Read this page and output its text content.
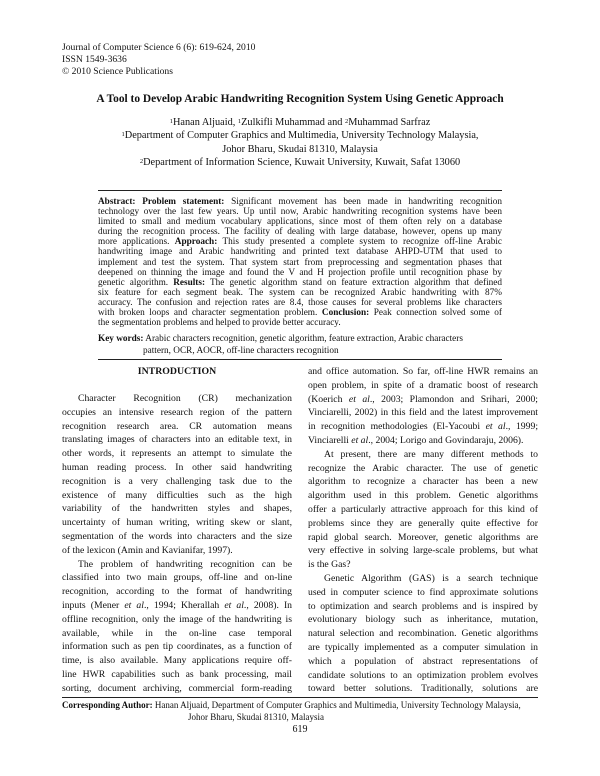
Journal of Computer Science 6 (6): 619-624, 2010
ISSN 1549-3636
© 2010 Science Publications
A Tool to Develop Arabic Handwriting Recognition System Using Genetic Approach
$^1$Hanan Aljuaid, $^1$Zulkifli Muhammad and $^2$Muhammad Sarfraz
$^1$Department of Computer Graphics and Multimedia, University Technology Malaysia,
Johor Bharu, Skudai 81310, Malaysia
$^2$Department of Information Science, Kuwait University, Kuwait, Safat 13060
Abstract: Problem statement: Significant movement has been made in handwriting recognition
technology over the last few years. Up until now, Arabic handwriting recognition systems have been
limited to small and medium vocabulary applications, since most of them often rely on a database
during the recognition process. The facility of dealing with large database, however, opens up many
more applications. Approach: This study presented a complete system to recognize off-line Arabic
handwriting image and Arabic handwriting and printed text database AHPD-UTM that used to
implement and test the system. That system start from preprocessing and segmentation phases that
deepened on thinning the image and found the V and H projection profile until recognition phase by
genetic algorithm. Results: The genetic algorithm stand on feature extraction algorithm that defined
six feature for each segment beak. The system can be recognized Arabic handwriting with 87%
accuracy. The confusion and rejection rates are 8.4, those causes for several problems like characters
with broken loops and character segmentation problem. Conclusion: Peak connection solved some of
the segmentation problems and helped to provide better accuracy.
Key words: Arabic characters recognition, genetic algorithm, feature extraction, Arabic characters
pattern, OCR, AOCR, off-line characters recognition
INTRODUCTION
Character Recognition (CR) mechanization
occupies an intensive research region of the pattern
recognition research area. CR automation means
translating images of characters into an editable text, in
other words, it represents an attempt to simulate the
human reading process. In other said handwriting
recognition is a very challenging task due to the
existence of many difficulties such as the high
variability of the handwritten styles and shapes,
uncertainty of human writing, writing skew or slant,
segmentation of the words into characters and the size
of the lexicon (Amin and Kavianifar, 1997).
The problem of handwriting recognition can be
classified into two main groups, off-line and on-line
recognition, according to the format of handwriting
inputs (Mener et al., 1994; Kherallah et al., 2008). In
offline recognition, only the image of the handwriting is
available, while in the on-line case temporal
information such as pen tip coordinates, as a function of
time, is also available. Many applications require off-
line HWR capabilities such as bank processing, mail
sorting, document archiving, commercial form-reading
and office automation. So far, off-line HWR remains an
open problem, in spite of a dramatic boost of research
(Koerich et al., 2003; Plamondon and Srihari, 2000;
Vinciarelli, 2002) in this field and the latest improvement
in recognition methodologies (El-Yacoubi et al., 1999;
Vinciarelli et al., 2004; Lorigo and Govindaraju, 2006).
At present, there are many different methods to
recognize the Arabic character. The use of genetic
algorithm to recognize a character has been a new
algorithm used in this problem. Genetic algorithms
offer a particularly attractive approach for this kind of
problems since they are generally quite effective for
rapid global search. Moreover, genetic algorithms are
very effective in solving large-scale problems, but what
is the Gas?
Genetic Algorithm (GAS) is a search technique
used in computer science to find approximate solutions
to optimization and search problems and is inspired by
evolutionary biology such as inheritance, mutation,
natural selection and recombination. Genetic algorithms
are typically implemented as a computer simulation in
which a population of abstract representations of
candidate solutions to an optimization problem evolves
toward better solutions. Traditionally, solutions are
Corresponding Author: Hanan Aljuaid, Department of Computer Graphics and Multimedia, University Technology Malaysia,
Johor Bharu, Skudai 81310, Malaysia
619
